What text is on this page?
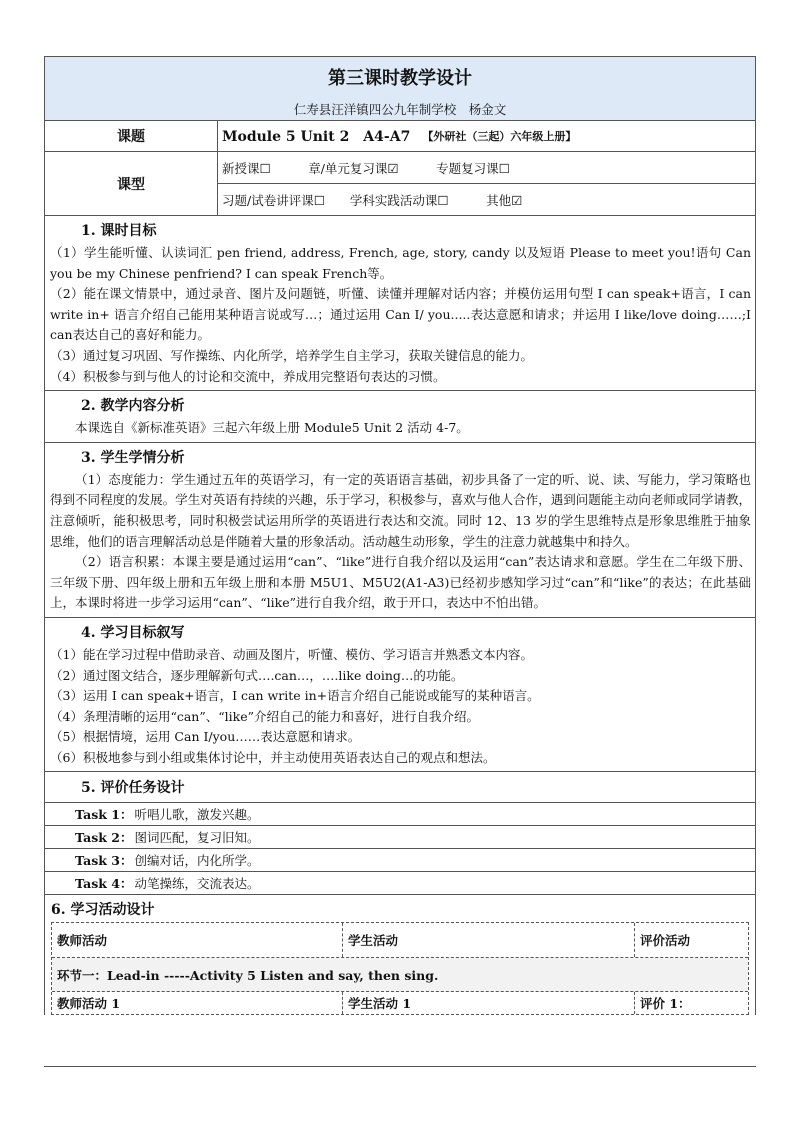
第三课时教学设计
仁寿县汪洋镇四公九年制学校　杨金文
课题	Module 5 Unit 2　A4-A7 【外研社（三起）六年级上册】
课型
新授课☐　　　章/单元复习课☑　　　专题复习课☐
习题/试卷讲评课☐　　学科实践活动课☐　　　其他☑
1. 课时目标

（1）学生能听懂、认读词汇 pen friend, address, French, age, story, candy 以及短语 Please to meet you!语句 Can you be my Chinese penfriend? I can speak French等。

（2）能在课文情景中，通过录音、图片及问题链，听懂、读懂并理解对话内容；并模仿运用句型 I can speak+语言，I can write in+ 语言介绍自己能用某种语言说或写…；通过运用 Can I/ you.....表达意愿和请求；并运用 I like/love doing……;I can表达自己的喜好和能力。

（3）通过复习巩固、写作操练、内化所学，培养学生自主学习，获取关键信息的能力。

（4）积极参与到与他人的讨论和交流中，养成用完整语句表达的习惯。

2. 教学内容分析

本课选自《新标准英语》三起六年级上册 Module5 Unit 2 活动 4-7。

3. 学生学情分析

（1）态度能力：学生通过五年的英语学习，有一定的英语语言基础，初步具备了一定的听、说、读、写能力，学习策略也得到不同程度的发展。学生对英语有持续的兴趣，乐于学习，积极参与，喜欢与他人合作，遇到问题能主动向老师或同学请教，注意倾听，能积极思考，同时积极尝试运用所学的英语进行表达和交流。同时 12、13 岁的学生思维特点是形象思维胜于抽象思维，他们的语言理解活动总是伴随着大量的形象活动。活动越生动形象，学生的注意力就越集中和持久。

（2）语言积累：本课主要是通过运用“can”、“like”进行自我介绍以及运用“can”表达请求和意愿。学生在二年级下册、三年级下册、四年级上册和五年级上册和本册 M5U1、M5U2(A1-A3)已经初步感知学习过“can”和“like”的表达；在此基础上，本课时将进一步学习运用“can”、“like”进行自我介绍，敢于开口，表达中不怕出错。

4. 学习目标叙写

（1）能在学习过程中借助录音、动画及图片，听懂、模仿、学习语言并熟悉文本内容。

（2）通过图文结合，逐步理解新句式….can…，….like doing…的功能。

（3）运用 I can speak+语言，I can write in+语言介绍自己能说或能写的某种语言。

（4）条理清晰的运用“can”、“like”介绍自己的能力和喜好，进行自我介绍。

（5）根据情境，运用 Can I/you……表达意愿和请求。

（6）积极地参与到小组或集体讨论中，并主动使用英语表达自己的观点和想法。

5. 评价任务设计
Task 1： 听唱儿歌，激发兴趣。
Task 2： 图词匹配，复习旧知。
Task 3： 创编对话，内化所学。
Task 4： 动笔操练，交流表达。
6. 学习活动设计
教师活动	学生活动	评价活动
环节一：Lead-in -----Activity 5 Listen and say, then sing.
教师活动 1	学生活动 1	评价 1：
